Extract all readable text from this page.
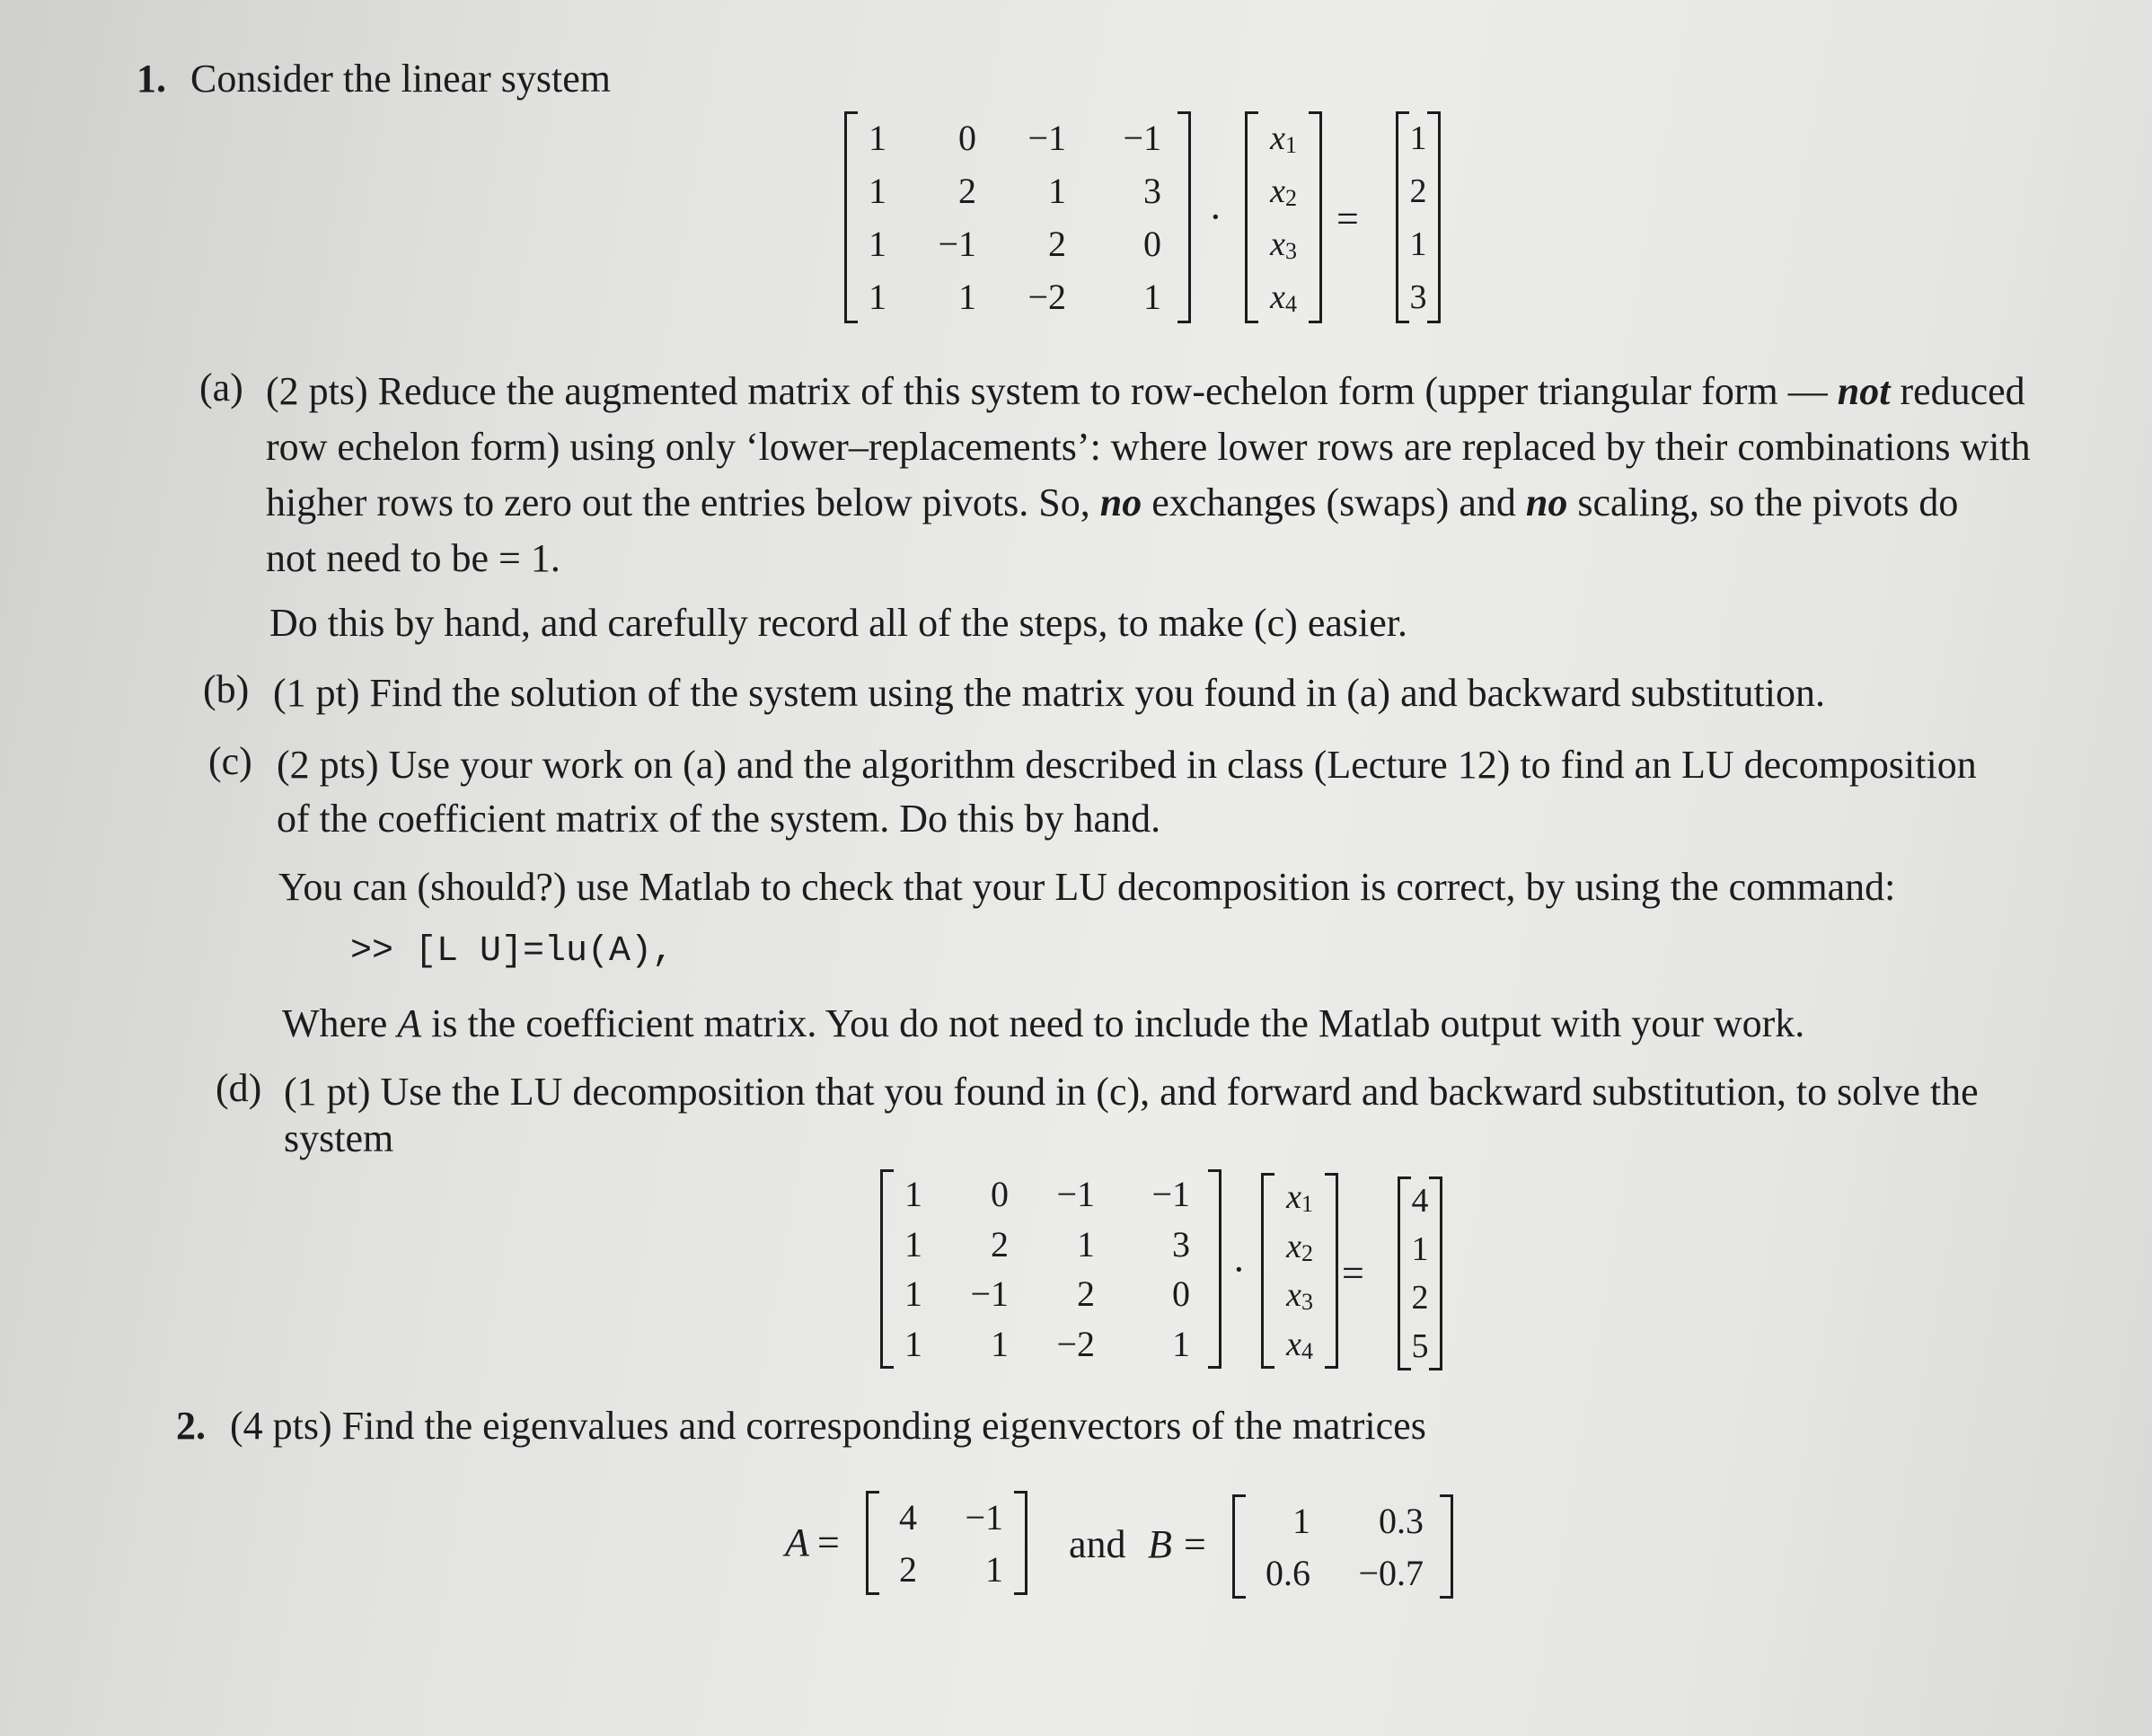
1. Consider the linear system
1	0	−1	−1
1	2	1	3
1	−1	2	0
1	1	−2	1
·
x 1
x 2
x 3
x 4
=
1
2
1
3
(a) (2 pts) Reduce the augmented matrix of this system to row-echelon form (upper triangular form — not reduced
row echelon form) using only ‘lower–replacements’: where lower rows are replaced by their combinations with
higher rows to zero out the entries below pivots. So, no exchanges (swaps) and no scaling, so the pivots do
not need to be = 1.
Do this by hand, and carefully record all of the steps, to make (c) easier.
(b) (1 pt) Find the solution of the system using the matrix you found in (a) and backward substitution.
(c) (2 pts) Use your work on (a) and the algorithm described in class (Lecture 12) to find an LU decomposition
of the coefficient matrix of the system. Do this by hand.
You can (should?) use Matlab to check that your LU decomposition is correct, by using the command:
>> [L U]=lu(A),
Where A is the coefficient matrix. You do not need to include the Matlab output with your work.
(d) (1 pt) Use the LU decomposition that you found in (c), and forward and backward substitution, to solve the
system
1	0	−1	−1
1	2	1	3
1	−1	2	0
1	1	−2	1
·
x 1
x 2
x 3
x 4
=
4
1
2
5
2. (4 pts) Find the eigenvalues and corresponding eigenvectors of the matrices
A =
4	−1
2	1
and B =
1	0.3
0.6	−0.7
